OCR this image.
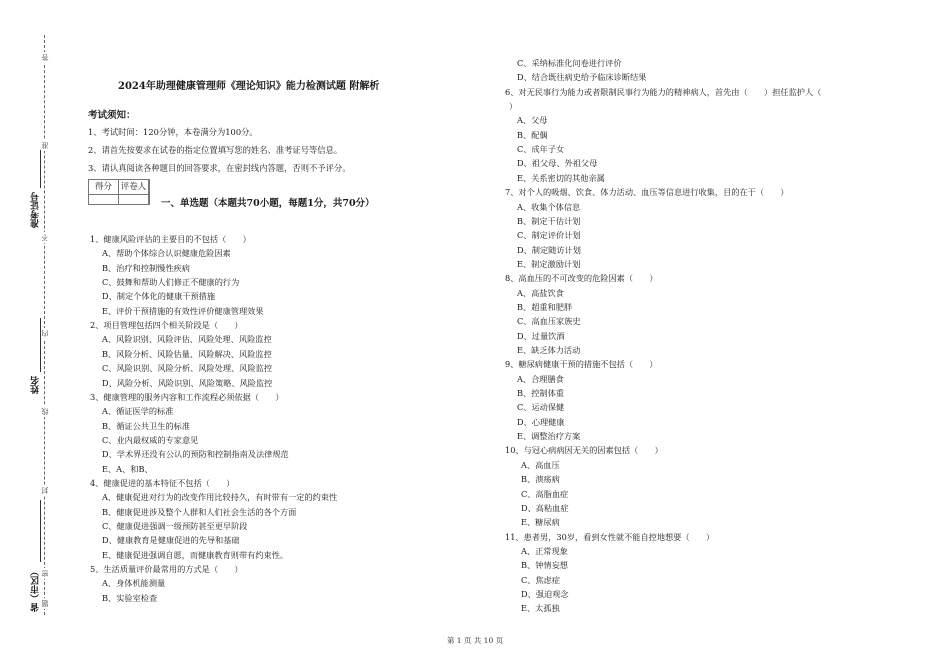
答
准
不
内
线
封
密
题
准考证号
姓名
省（市区）
2024年助理健康管理师《理论知识》能力检测试题 附解析
考试须知：
1、考试时间：120分钟，本卷满分为100分。
2、请首先按要求在试卷的指定位置填写您的姓名、准考证号等信息。
3、请认真阅读各种题目的回答要求，在密封线内答题，否则不予评分。
得分	评卷人
一、单选题（本题共70小题，每题1分，共70分）
1、健康风险评估的主要目的不包括（　　）
A、帮助个体综合认识健康危险因素
B、治疗和控制慢性疾病
C、鼓舞和帮助人们修正不健康的行为
D、制定个体化的健康干预措施
E、评价干预措施的有效性评价健康管理效果
2、项目管理包括四个相关阶段是（　　）
A、风险识别、风险评估、风险处理、风险监控
B、风险分析、风险估量、风险解决、风险监控
C、风险识别、风险分析、风险处理、风险监控
D、风险分析、风险识别、风险策略、风险监控
3、健康管理的服务内容和工作流程必须依据（　　）
A、循证医学的标准
B、循证公共卫生的标准
C、业内最权威的专家意见
D、学术界还没有公认的预防和控制指南及法律规范
E、A、和B、
4、健康促进的基本特征不包括（　　）
A、健康促进对行为的改变作用比较持久，有时带有一定的约束性
B、健康促进涉及整个人群和人们社会生活的各个方面
C、健康促进强调一级预防甚至更早阶段
D、健康教育是健康促进的先导和基础
E、健康促进强调自愿，而健康教育则带有约束性。
5、生活质量评价最常用的方式是（　　）
A、身体机能测量
B、实验室检查
C、采纳标准化问卷进行评价
D、结合既往病史给予临床诊断结果
6、对无民事行为能力或者限制民事行为能力的精神病人，首先由（　　）担任监护人（
）
A、父母
B、配偶
C、成年子女
D、祖父母、外祖父母
E、关系密切的其他亲属
7、对个人的吸烟、饮食、体力活动、血压等信息进行收集，目的在于（　　）
A、收集个体信息
B、制定干估计划
C、制定评价计划
D、制定随访计划
E、制定激励计划
8、高血压的不可改变的危险因素（　　）
A、高盐饮食
B、超重和肥胖
C、高血压家族史
D、过量饮酒
E、缺乏体力活动
9、糖尿病健康干预的措施不包括（　　）
A、合理膳食
B、控制体重
C、运动保健
D、心理健康
E、调整治疗方案
10、与冠心病病因无关的因素包括（　　）
A、高血压
B、溃疡病
C、高脂血症
D、高粘血症
E、糖尿病
11、患者男，30岁，看到女性就不能自控地想要（　　）
A、正常现象
B、钟情妄想
C、焦虑症
D、强迫观念
E、太孤独
第 1 页 共 10 页
